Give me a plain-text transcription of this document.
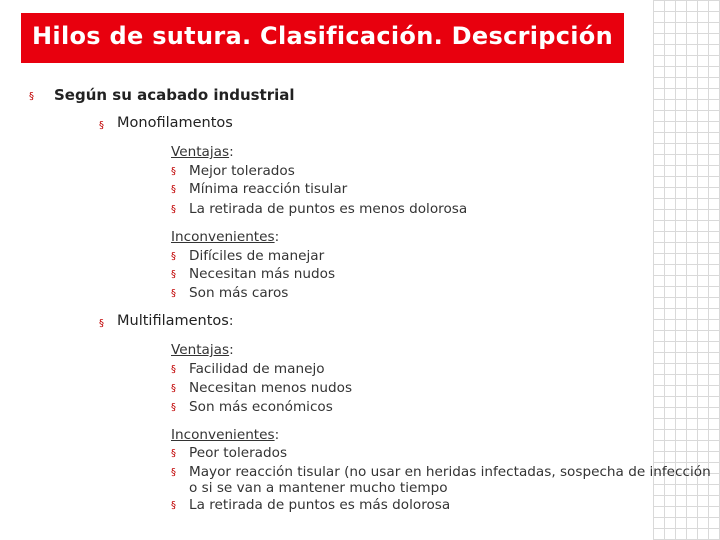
Hilos de sutura. Clasificación. Descripción
§ Según su acabado industrial
§ Monofilamentos
Ventajas:
§ Mejor tolerados
§ Mínima reacción tisular
§ La retirada de puntos es menos dolorosa
Inconvenientes:
§ Difíciles de manejar
§ Necesitan más nudos
§ Son más caros
§ Multifilamentos:
Ventajas:
§ Facilidad de manejo
§ Necesitan menos nudos
§ Son más económicos
Inconvenientes:
§ Peor tolerados
§ Mayor reacción tisular (no usar en heridas infectadas, sospecha de infección
o si se van a mantener mucho tiempo
§ La retirada de puntos es más dolorosa
